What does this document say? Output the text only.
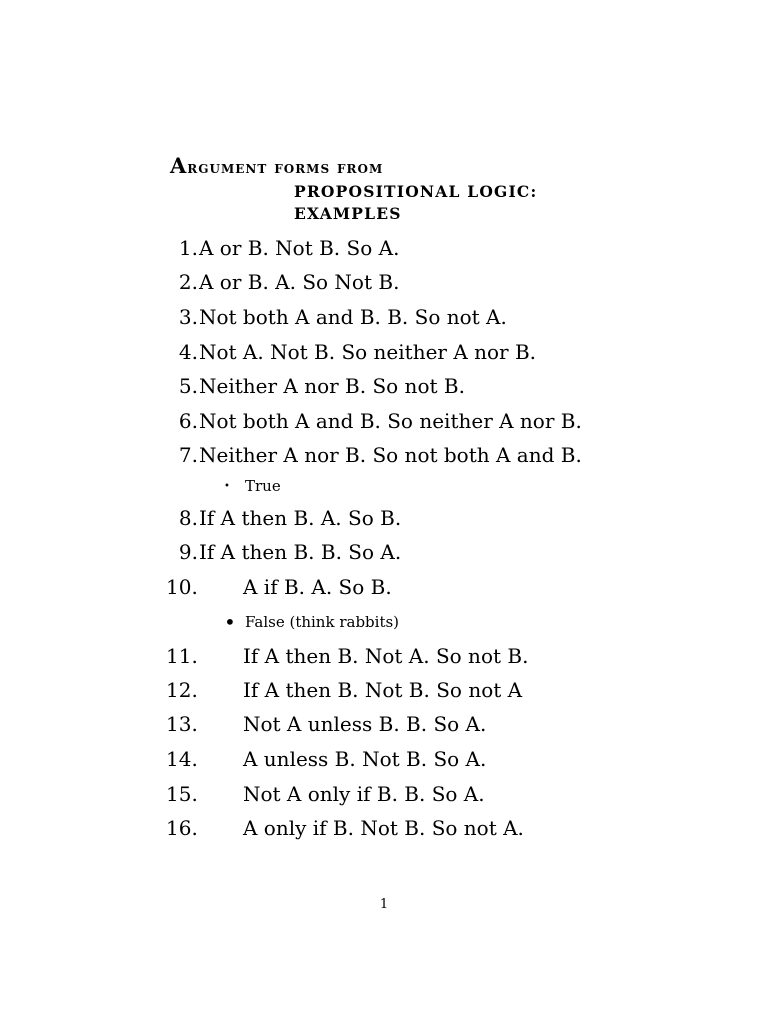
Argument forms from
PROPOSITIONAL LOGIC:
EXAMPLES
1.A or B. Not B. So A.
2.A or B. A. So Not B.
3.Not both A and B. B. So not A.
4.Not A. Not B. So neither A nor B.
5.Neither A nor B. So not B.
6.Not both A and B. So neither A nor B.
7.Neither A nor B. So not both A and B.
• True
8.If A then B. A. So B.
9.If A then B. B. So A.
10. A if B. A. So B.
• False (think rabbits)
11. If A then B. Not A. So not B.
12. If A then B. Not B. So not A
13. Not A unless B. B. So A.
14. A unless B. Not B. So A.
15. Not A only if B. B. So A.
16. A only if B. Not B. So not A.
1
